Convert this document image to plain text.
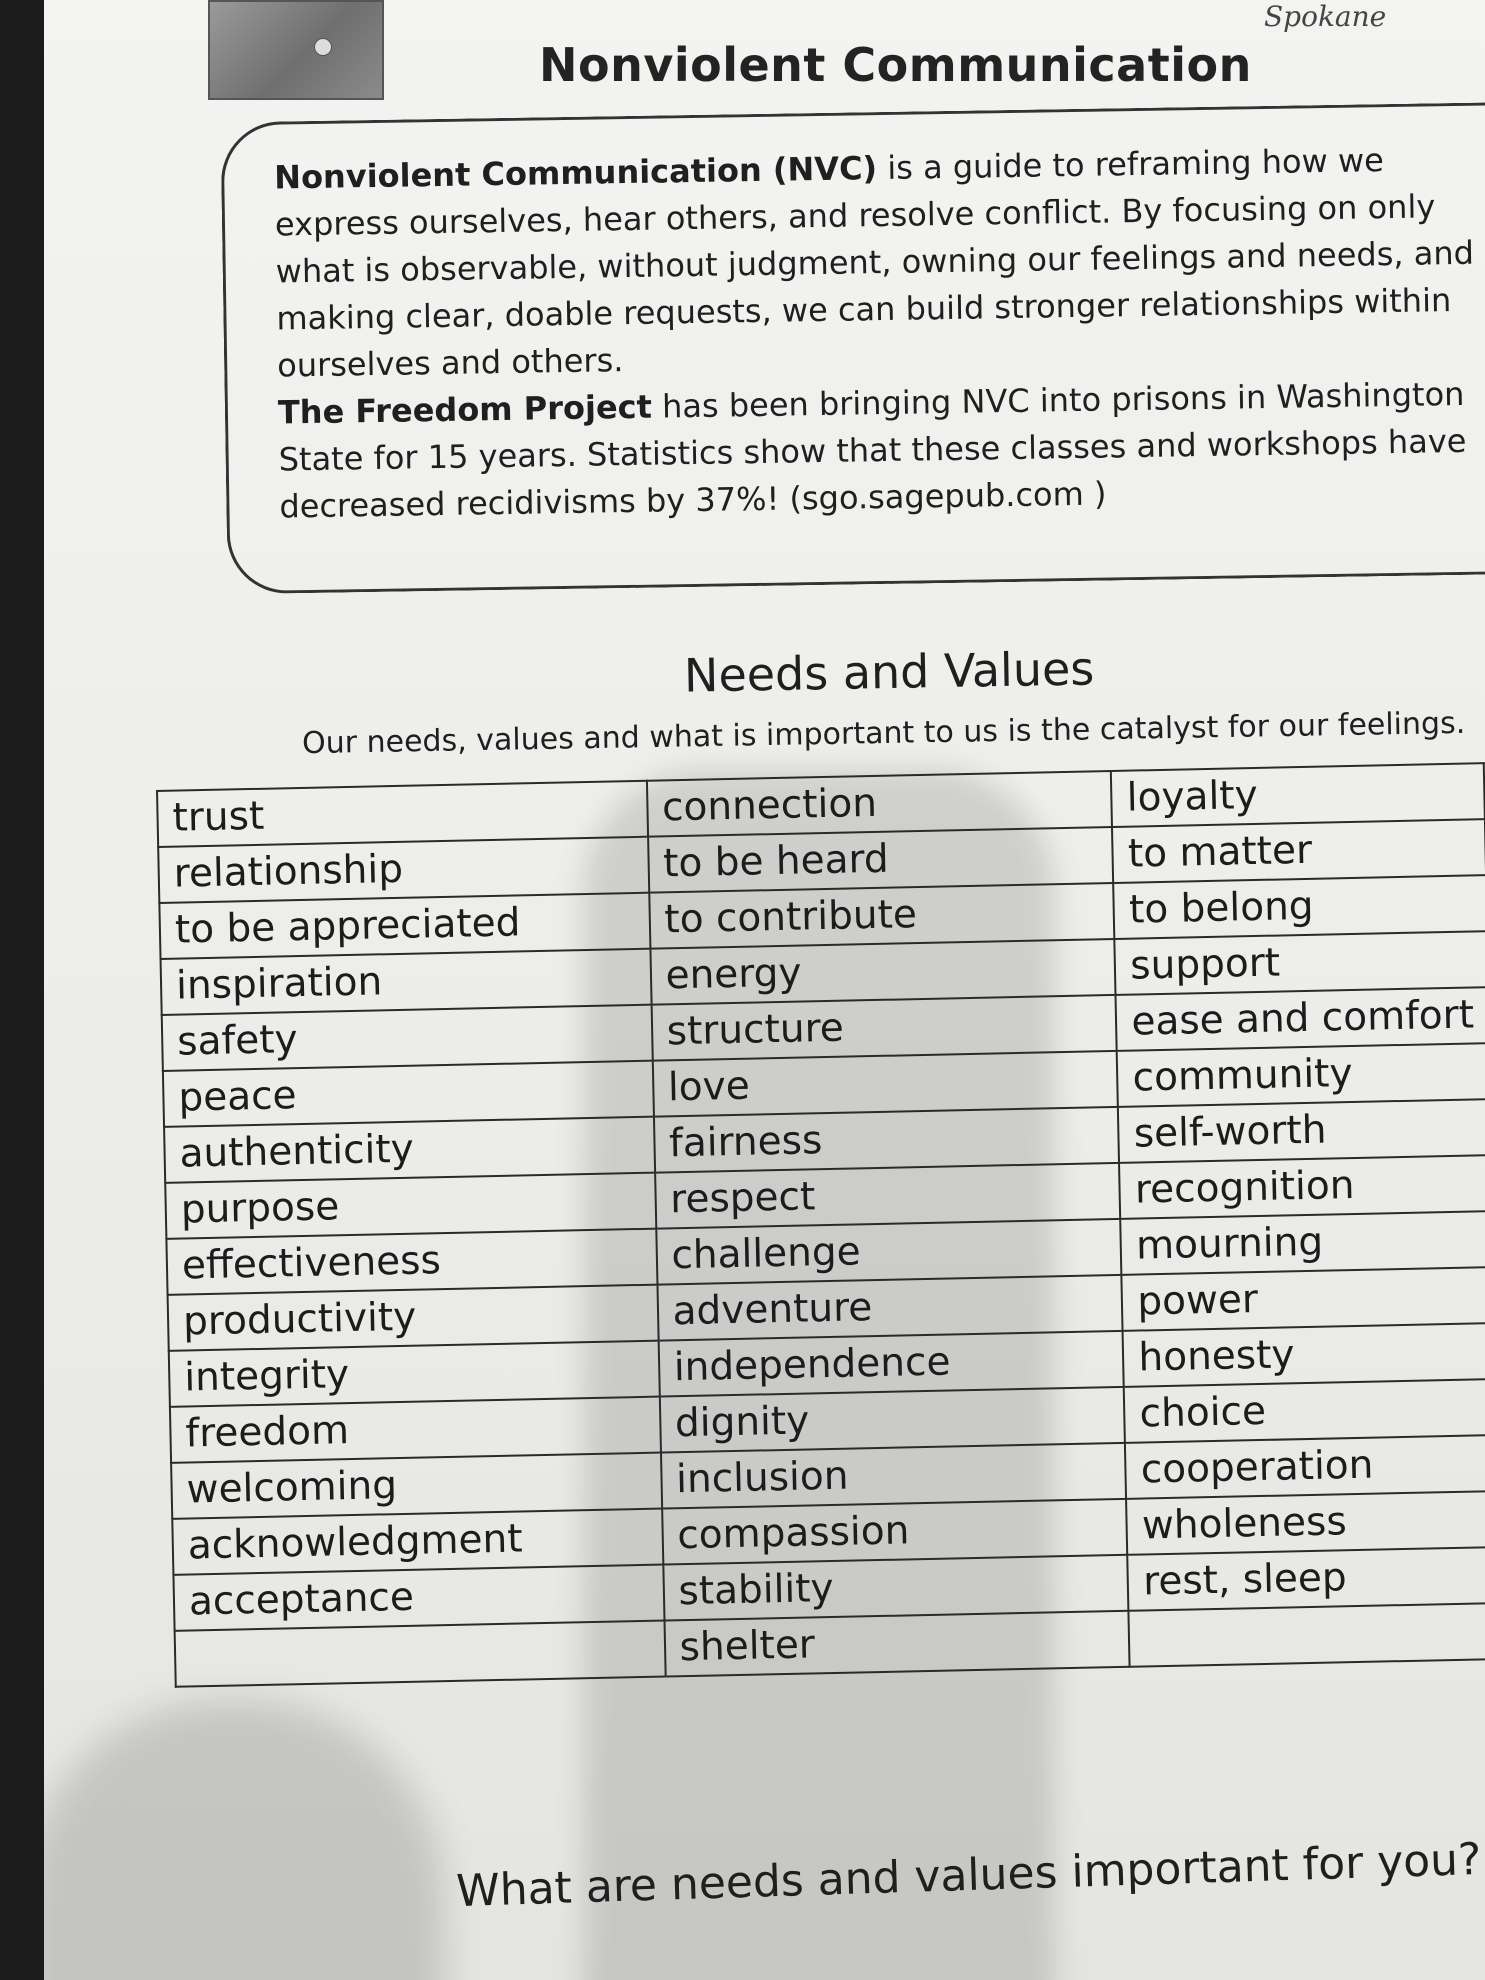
Spokane
Nonviolent Communication

Nonviolent Communication (NVC) is a guide to reframing how we express ourselves, hear others, and resolve conflict. By focusing on only what is observable, without judgment, owning our feelings and needs, and making clear, doable requests, we can build stronger relationships within ourselves and others.

The Freedom Project has been bringing NVC into prisons in Washington State for 15 years. Statistics show that these classes and workshops have decreased recidivisms by 37%! (sgo.sagepub.com )

Needs and Values
Our needs, values and what is important to us is the catalyst for our feelings.
trust	connection	loyalty
relationship	to be heard	to matter
to be appreciated	to contribute	to belong
inspiration	energy	support
safety	structure	ease and comfort
peace	love	community
authenticity	fairness	self-worth
purpose	respect	recognition
effectiveness	challenge	mourning
productivity	adventure	power
integrity	independence	honesty
freedom	dignity	choice
welcoming	inclusion	cooperation
acknowledgment	compassion	wholeness
acceptance	stability	rest, sleep
	shelter	
What are needs and values important for you?
